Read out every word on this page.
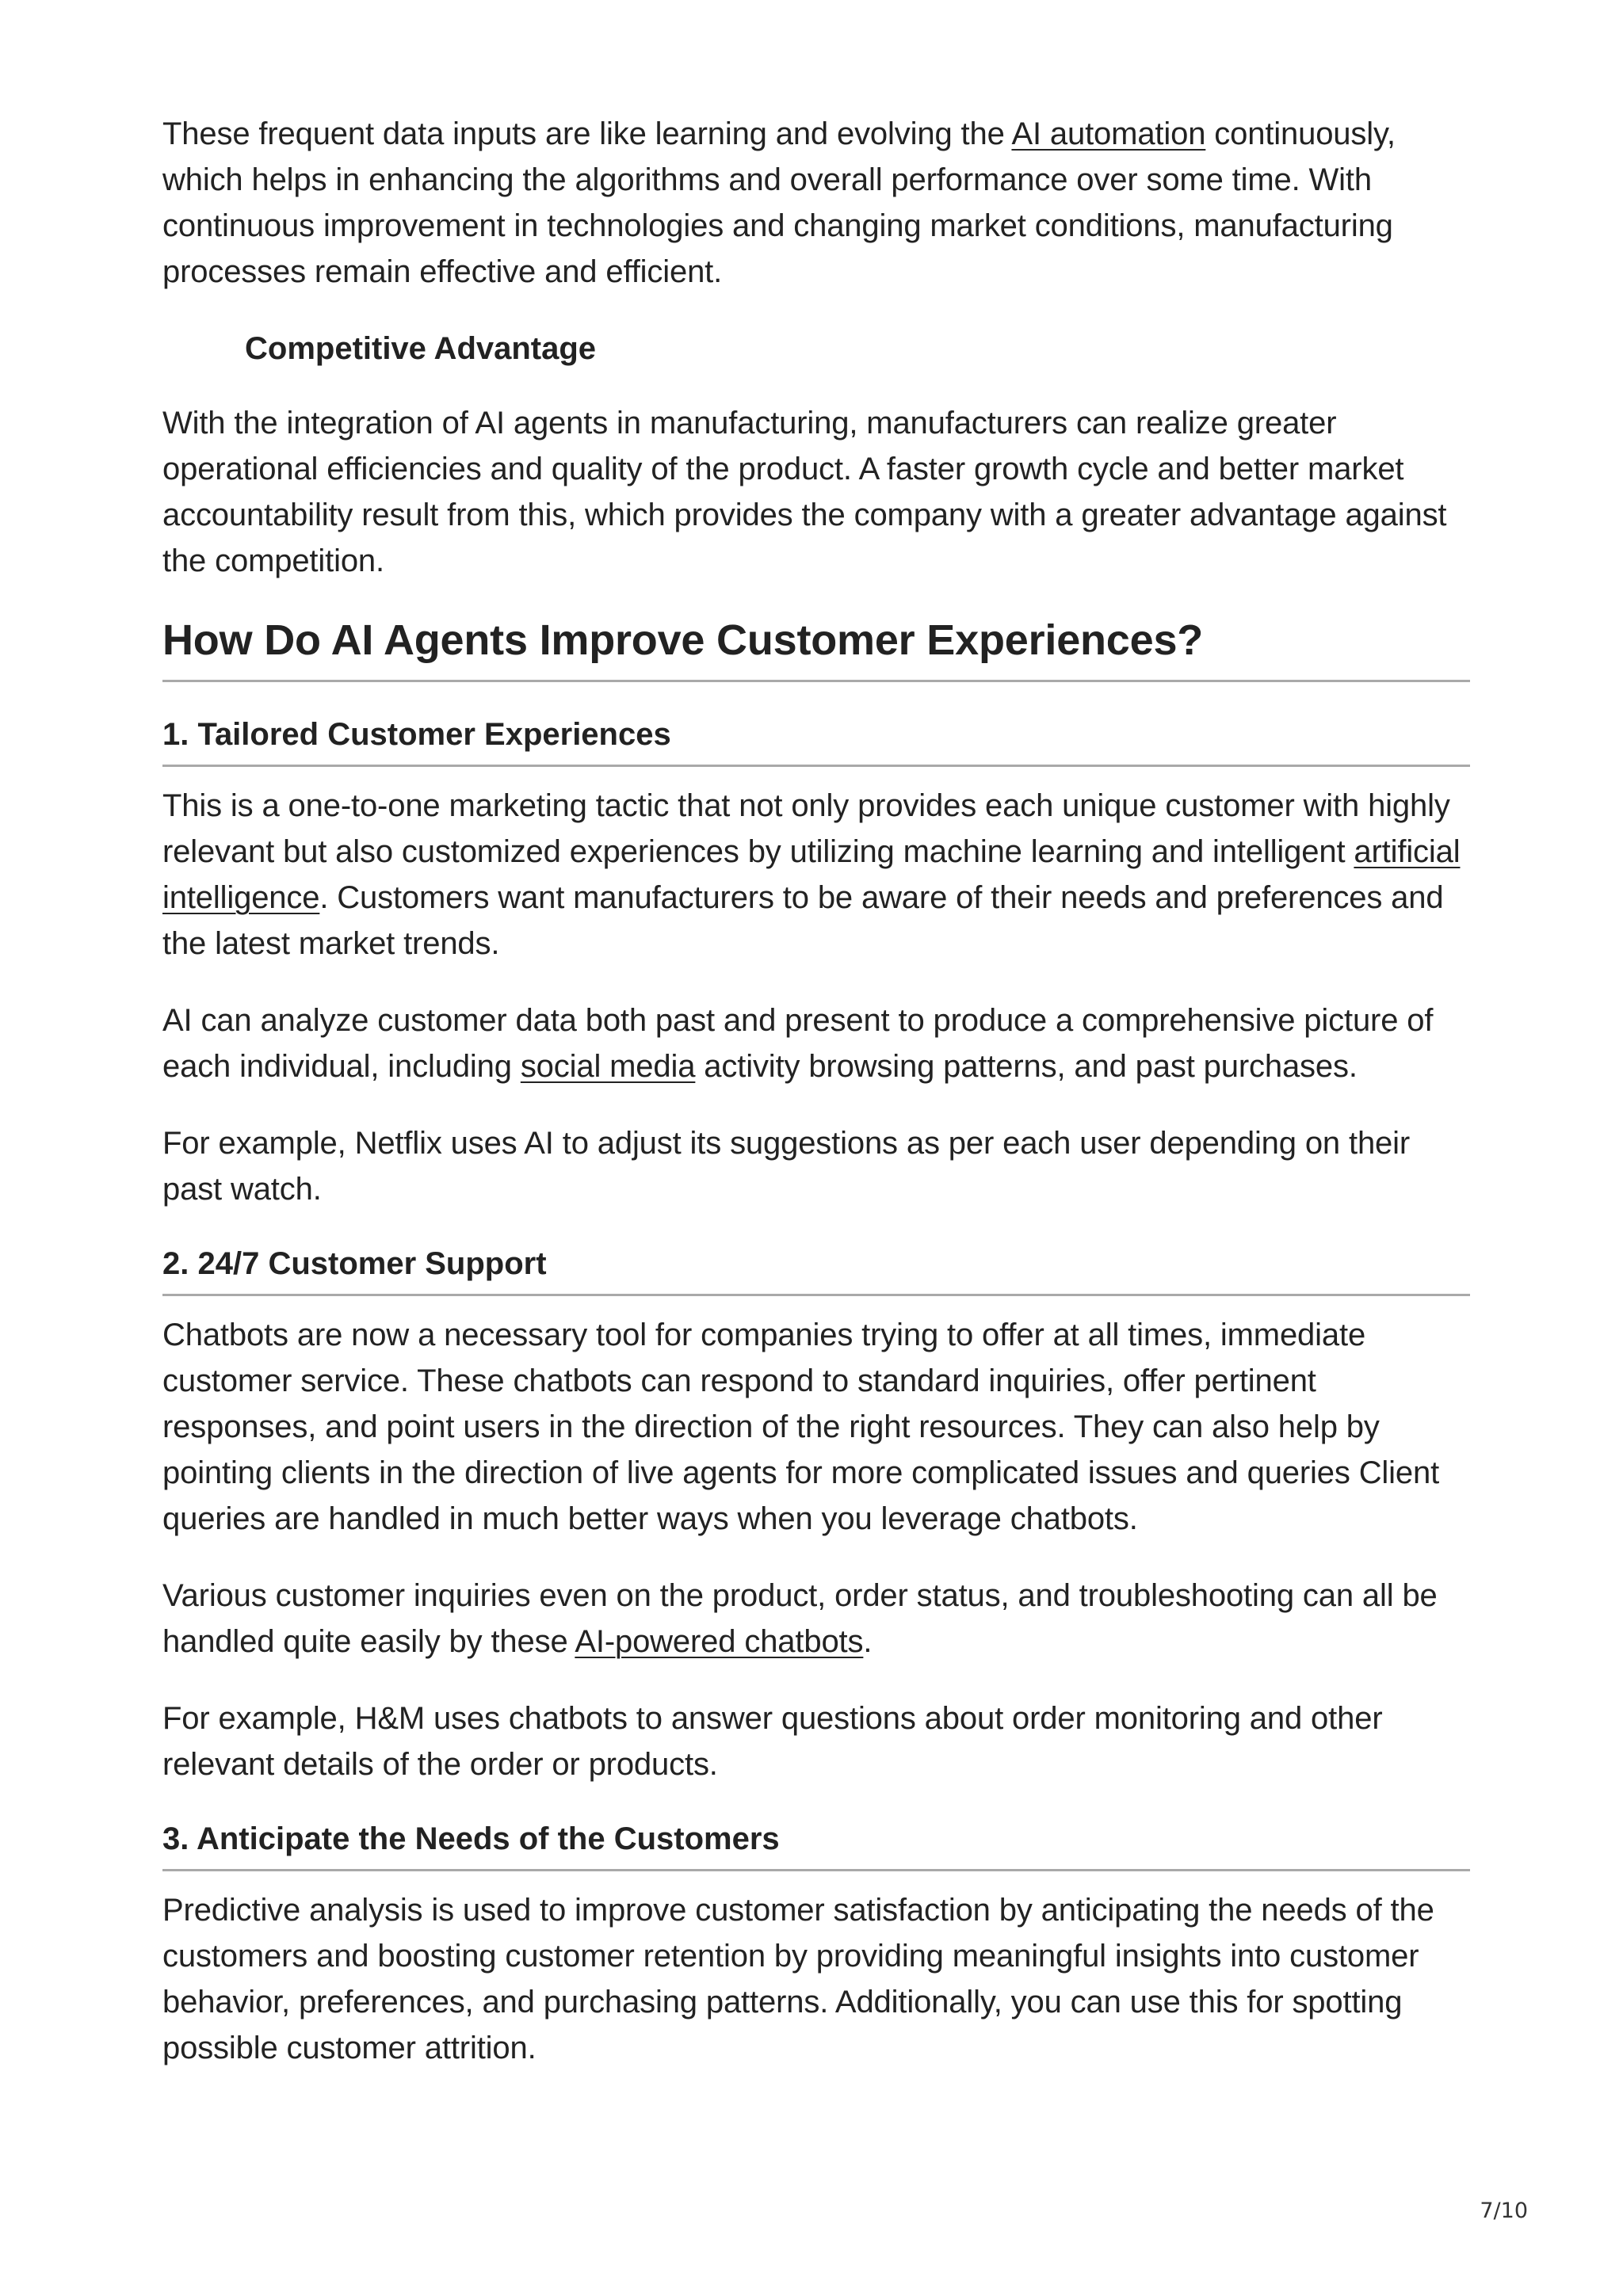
These frequent data inputs are like learning and evolving the AI automation continuously, which helps in enhancing the algorithms and overall performance over some time. With continuous improvement in technologies and changing market conditions, manufacturing processes remain effective and efficient.

Competitive Advantage

With the integration of AI agents in manufacturing, manufacturers can realize greater operational efficiencies and quality of the product. A faster growth cycle and better market accountability result from this, which provides the company with a greater advantage against the competition.

How Do AI Agents Improve Customer Experiences?
1. Tailored Customer Experiences

This is a one-to-one marketing tactic that not only provides each unique customer with highly relevant but also customized experiences by utilizing machine learning and intelligent artificial intelligence. Customers want manufacturers to be aware of their needs and preferences and the latest market trends.

AI can analyze customer data both past and present to produce a comprehensive picture of each individual, including social media activity browsing patterns, and past purchases.

For example, Netflix uses AI to adjust its suggestions as per each user depending on their past watch.

2. 24/7 Customer Support

Chatbots are now a necessary tool for companies trying to offer at all times, immediate customer service. These chatbots can respond to standard inquiries, offer pertinent responses, and point users in the direction of the right resources. They can also help by pointing clients in the direction of live agents for more complicated issues and queries Client queries are handled in much better ways when you leverage chatbots.

Various customer inquiries even on the product, order status, and troubleshooting can all be handled quite easily by these AI-powered chatbots.

For example, H&M uses chatbots to answer questions about order monitoring and other relevant details of the order or products.

3. Anticipate the Needs of the Customers

Predictive analysis is used to improve customer satisfaction by anticipating the needs of the customers and boosting customer retention by providing meaningful insights into customer behavior, preferences, and purchasing patterns. Additionally, you can use this for spotting possible customer attrition.

7/10
